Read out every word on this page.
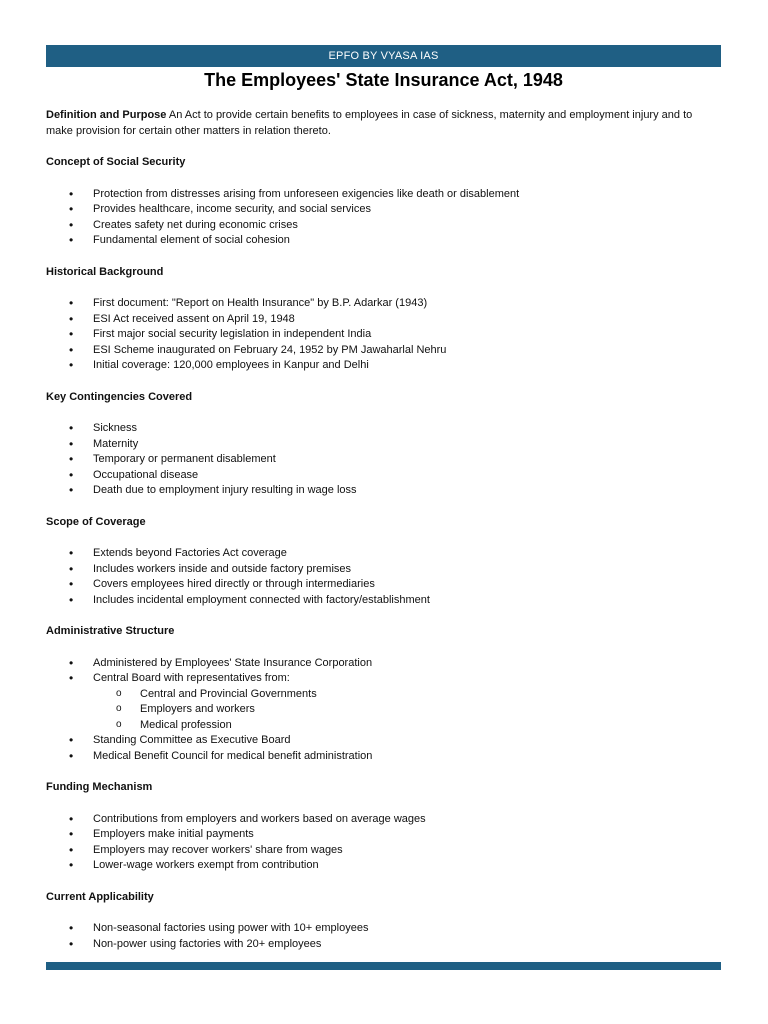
EPFO BY VYASA IAS
The Employees' State Insurance Act, 1948

Definition and Purpose An Act to provide certain benefits to employees in case of sickness, maternity and employment injury and to make provision for certain other matters in relation thereto.

Concept of Social Security

• Protection from distresses arising from unforeseen exigencies like death or disablement
• Provides healthcare, income security, and social services
• Creates safety net during economic crises
• Fundamental element of social cohesion

Historical Background

• First document: "Report on Health Insurance" by B.P. Adarkar (1943)
• ESI Act received assent on April 19, 1948
• First major social security legislation in independent India
• ESI Scheme inaugurated on February 24, 1952 by PM Jawaharlal Nehru
• Initial coverage: 120,000 employees in Kanpur and Delhi

Key Contingencies Covered

• Sickness
• Maternity
• Temporary or permanent disablement
• Occupational disease
• Death due to employment injury resulting in wage loss

Scope of Coverage

• Extends beyond Factories Act coverage
• Includes workers inside and outside factory premises
• Covers employees hired directly or through intermediaries
• Includes incidental employment connected with factory/establishment

Administrative Structure

• Administered by Employees' State Insurance Corporation
• Central Board with representatives from:
o Central and Provincial Governments
o Employers and workers
o Medical profession
• Standing Committee as Executive Board
• Medical Benefit Council for medical benefit administration

Funding Mechanism

• Contributions from employers and workers based on average wages
• Employers make initial payments
• Employers may recover workers' share from wages
• Lower-wage workers exempt from contribution

Current Applicability

• Non-seasonal factories using power with 10+ employees
• Non-power using factories with 20+ employees
